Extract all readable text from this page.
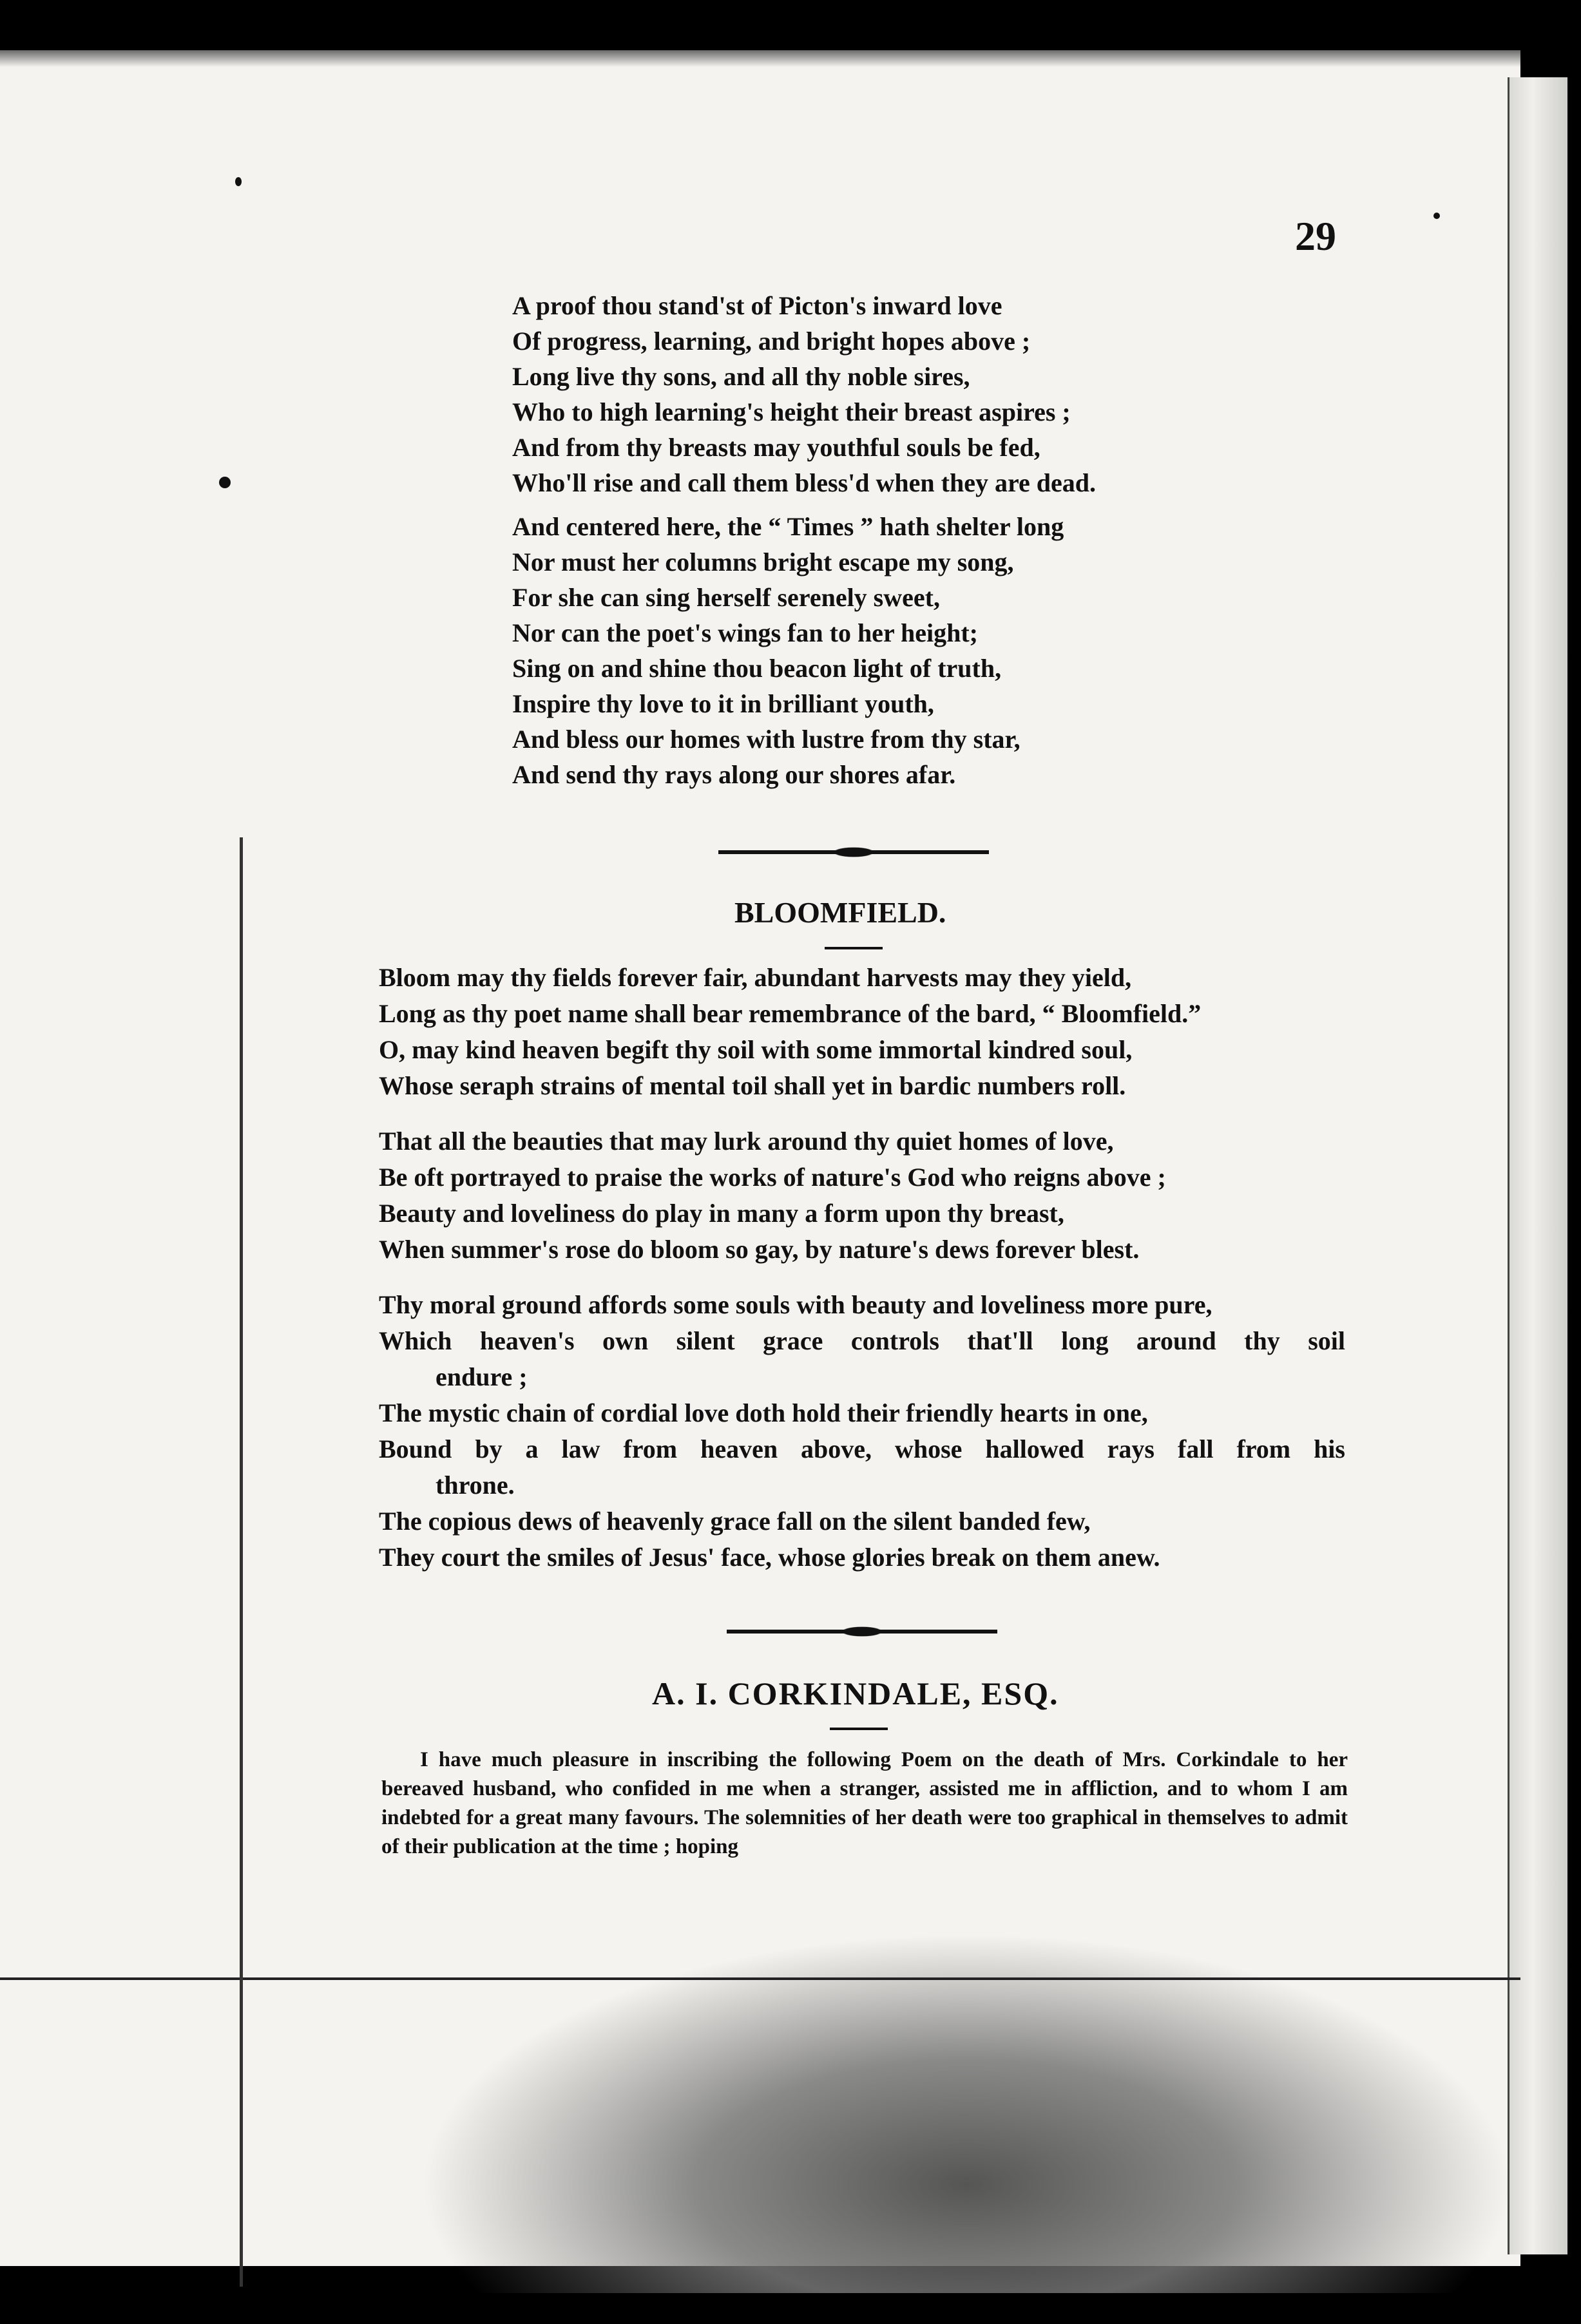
29
A proof thou stand'st of Picton's inward love
Of progress, learning, and bright hopes above ;
Long live thy sons, and all thy noble sires,
Who to high learning's height their breast aspires ;
And from thy breasts may youthful souls be fed,
Who'll rise and call them bless'd when they are dead.
And centered here, the “ Times ” hath shelter long
Nor must her columns bright escape my song,
For she can sing herself serenely sweet,
Nor can the poet's wings fan to her height;
Sing on and shine thou beacon light of truth,
Inspire thy love to it in brilliant youth,
And bless our homes with lustre from thy star,
And send thy rays along our shores afar.
BLOOMFIELD.
Bloom may thy fields forever fair, abundant harvests may they yield,
Long as thy poet name shall bear remembrance of the bard, “ Bloomfield.”
O, may kind heaven begift thy soil with some immortal kindred soul,
Whose seraph strains of mental toil shall yet in bardic numbers roll.
That all the beauties that may lurk around thy quiet homes of love,
Be oft portrayed to praise the works of nature's God who reigns above ;
Beauty and loveliness do play in many a form upon thy breast,
When summer's rose do bloom so gay, by nature's dews forever blest.
Thy moral ground affords some souls with beauty and loveliness more pure,
Which heaven's own silent grace controls that'll long around thy soil
endure ;
The mystic chain of cordial love doth hold their friendly hearts in one,
Bound by a law from heaven above, whose hallowed rays fall from his
throne.
The copious dews of heavenly grace fall on the silent banded few,
They court the smiles of Jesus' face, whose glories break on them anew.
A. I. CORKINDALE, ESQ.
I have much pleasure in inscribing the following Poem on the death of Mrs. Corkindale to her bereaved husband, who confided in me when a stranger, assisted me in affliction, and to whom I am indebted for a great many favours. The solemnities of her death were too graphical in themselves to admit of their publication at the time ; hoping
